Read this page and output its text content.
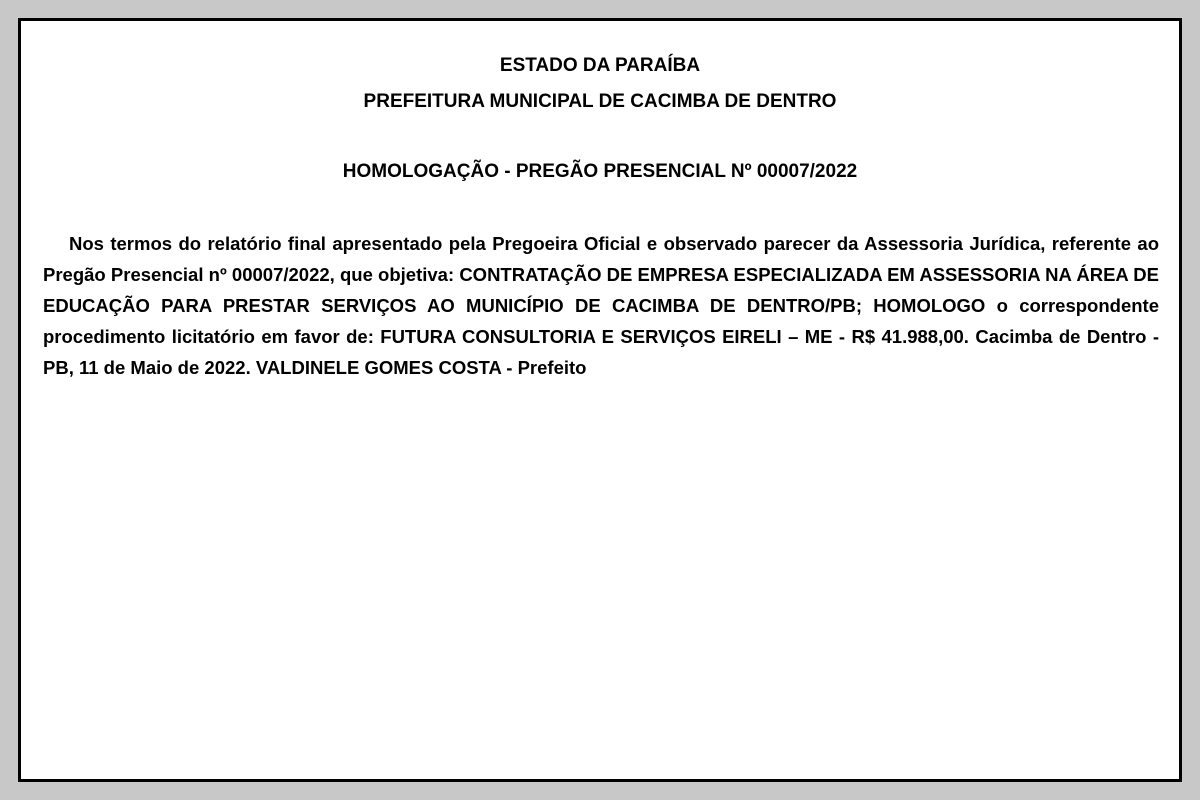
ESTADO DA PARAÍBA
PREFEITURA MUNICIPAL DE CACIMBA DE DENTRO
HOMOLOGAÇÃO - PREGÃO PRESENCIAL Nº 00007/2022

Nos termos do relatório final apresentado pela Pregoeira Oficial e observado parecer da Assessoria Jurídica, referente ao Pregão Presencial nº 00007/2022, que objetiva: CONTRATAÇÃO DE EMPRESA ESPECIALIZADA EM ASSESSORIA NA ÁREA DE EDUCAÇÃO PARA PRESTAR SERVIÇOS AO MUNICÍPIO DE CACIMBA DE DENTRO/PB; HOMOLOGO o correspondente procedimento licitatório em favor de: FUTURA CONSULTORIA E SERVIÇOS EIRELI – ME - R$ 41.988,00. Cacimba de Dentro - PB, 11 de Maio de 2022. VALDINELE GOMES COSTA - Prefeito
